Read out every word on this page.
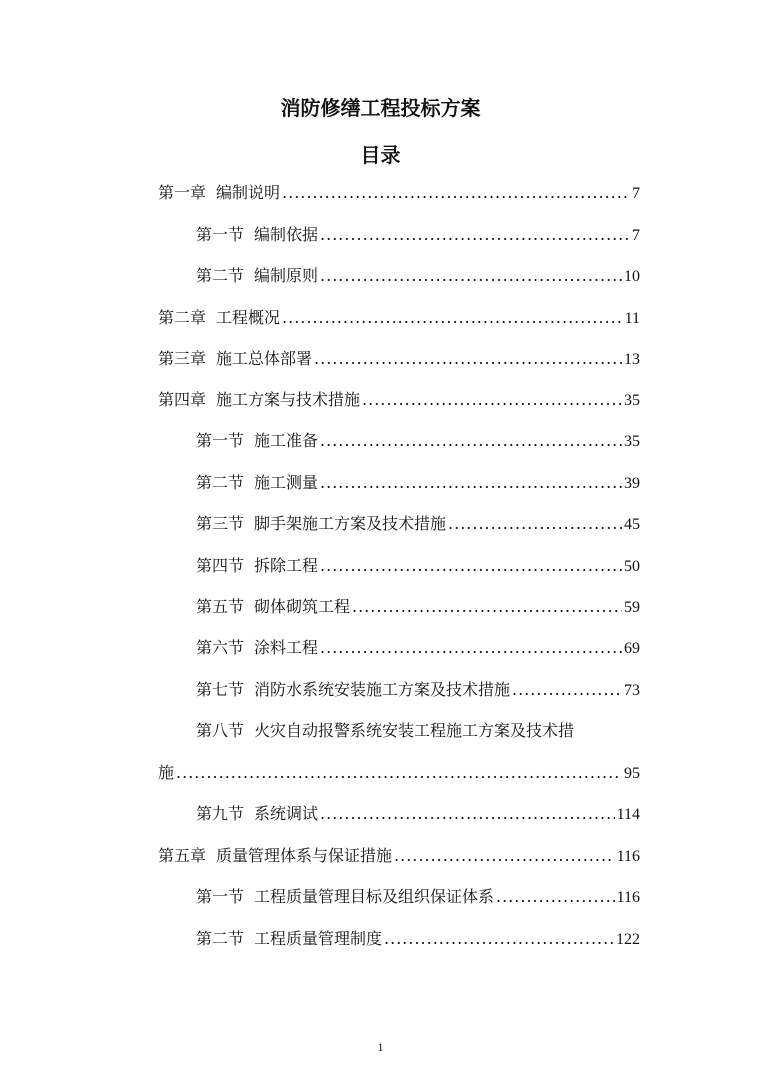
消防修缮工程投标方案
目录
第一章 编制说明 .....	7
第一节 编制依据 .....	7
第二节 编制原则 .....	10
第二章 工程概况 .....	11
第三章 施工总体部署 .....	13
第四章 施工方案与技术措施 .....	35
第一节 施工准备 .....	35
第二节 施工测量 .....	39
第三节 脚手架施工方案及技术措施 .....	45
第四节 拆除工程 .....	50
第五节 砌体砌筑工程 .....	59
第六节 涂料工程 .....	69
第七节 消防水系统安装施工方案及技术措施 .....	73
第八节 火灾自动报警系统安装工程施工方案及技术措
施 .....	95
第九节 系统调试 .....	114
第五章 质量管理体系与保证措施 .....	116
第一节 工程质量管理目标及组织保证体系 .....	116
第二节 工程质量管理制度 .....	122
1
